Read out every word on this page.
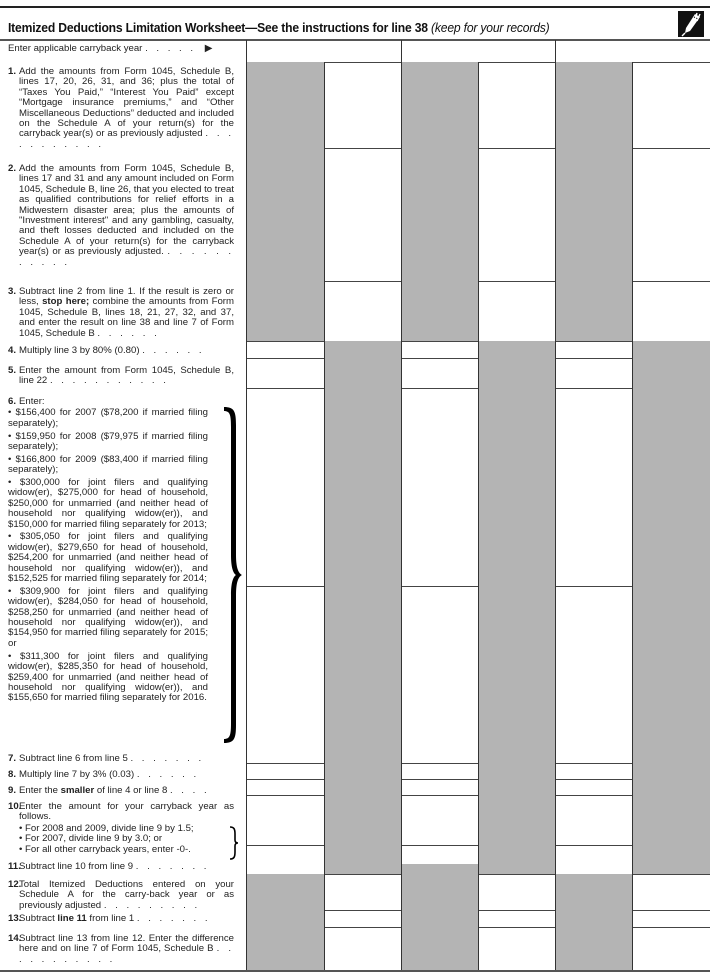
Itemized Deductions Limitation Worksheet—See the instructions for line 38 (keep for your records)
Enter applicable carryback year . . . . . ▶
1. Add the amounts from Form 1045, Schedule B, lines 17, 20, 26, 31, and 36; plus the total of “Taxes You Paid,” “Interest You Paid” except “Mortgage insurance premiums,” and “Other Miscellaneous Deductions” deducted and included on the Schedule A of your return(s) for the carryback year(s) or as previously adjusted . . . . . . . . . . .
2. Add the amounts from Form 1045, Schedule B, lines 17 and 31 and any amount included on Form 1045, Schedule B, line 26, that you elected to treat as qualified contributions for relief efforts in a Midwestern disaster area; plus the amounts of "Investment interest" and any gambling, casualty, and theft losses deducted and included on the Schedule A of your return(s) for the carryback year(s) or as previously adjusted. . . . . . . . . . . .
3. Subtract line 2 from line 1. If the result is zero or less, stop here; combine the amounts from Form 1045, Schedule B, lines 18, 21, 27, 32, and 37, and enter the result on line 38 and line 7 of Form 1045, Schedule B . . . . . .
4. Multiply line 3 by 80% (0.80) . . . . . .
5. Enter the amount from Form 1045, Schedule B, line 22 . . . . . . . . . . .
6. Enter:

• $156,400 for 2007 ($78,200 if married filing separately);

• $159,950 for 2008 ($79,975 if married filing separately);

• $166,800 for 2009 ($83,400 if married filing separately);

• $300,000 for joint filers and qualifying widow(er), $275,000 for head of household, $250,000 for unmarried (and neither head of household nor qualifying widow(er)), and $150,000 for married filing separately for 2013;

• $305,050 for joint filers and qualifying widow(er), $279,650 for head of household, $254,200 for unmarried (and neither head of household nor qualifying widow(er)), and $152,525 for married filing separately for 2014;

• $309,900 for joint filers and qualifying widow(er), $284,050 for head of household, $258,250 for unmarried (and neither head of household nor qualifying widow(er)), and $154,950 for married filing separately for 2015; or

• $311,300 for joint filers and qualifying widow(er), $285,350 for head of household, $259,400 for unmarried (and neither head of household nor qualifying widow(er)), and $155,650 for married filing separately for 2016.

7. Subtract line 6 from line 5 . . . . . . .
8. Multiply line 7 by 3% (0.03) . . . . . .
9. Enter the smaller of line 4 or line 8 . . . .
10.
Enter the amount for your carryback year as follows.

• For 2008 and 2009, divide line 9 by 1.5;

• For 2007, divide line 9 by 3.0; or

• For all other carryback years, enter -0-.

11.
Subtract line 10 from line 9 . . . . . . .
12.
Total Itemized Deductions entered on your Schedule A for the carry-back year or as previously adjusted . . . . . . . . .
13.
Subtract line 11 from line 1 . . . . . . .
14.
Subtract line 13 from line 12. Enter the difference here and on line 7 of Form 1045, Schedule B . . . . . . . . . . .
